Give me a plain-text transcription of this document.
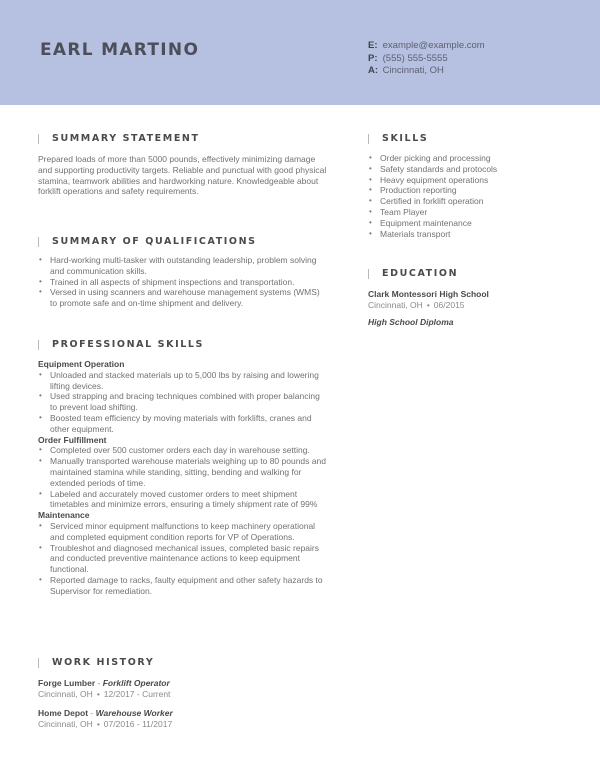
EARL MARTINO	E: example@example.com
P: (555) 555-5555
A: Cincinnati, OH
SUMMARY STATEMENT
Prepared loads of more than 5000 pounds, effectively minimizing damage and supporting productivity targets. Reliable and punctual with good physical stamina, teamwork abilities and hardworking nature. Knowledgeable about forklift operations and safety requirements.
SUMMARY OF QUALIFICATIONS
• Hard-working multi-tasker with outstanding leadership, problem solving and communication skills.
• Trained in all aspects of shipment inspections and transportation.
• Versed in using scanners and warehouse management systems (WMS) to promote safe and on-time shipment and delivery.
PROFESSIONAL SKILLS
Equipment Operation
• Unloaded and stacked materials up to 5,000 lbs by raising and lowering lifting devices.
• Used strapping and bracing techniques combined with proper balancing to prevent load shifting.
• Boosted team efficiency by moving materials with forklifts, cranes and other equipment.
Order Fulfillment
• Completed over 500 customer orders each day in warehouse setting.
• Manually transported warehouse materials weighing up to 80 pounds and maintained stamina while standing, sitting, bending and walking for extended periods of time.
• Labeled and accurately moved customer orders to meet shipment timetables and minimize errors, ensuring a timely shipment rate of 99%
Maintenance
• Serviced minor equipment malfunctions to keep machinery operational and completed equipment condition reports for VP of Operations.
• Troubleshot and diagnosed mechanical issues, completed basic repairs and conducted preventive maintenance actions to keep equipment functional.
• Reported damage to racks, faulty equipment and other safety hazards to Supervisor for remediation.
WORK HISTORY
Forge Lumber - Forklift Operator
Cincinnati, OH • 12/2017 - Current
Home Depot - Warehouse Worker
Cincinnati, OH • 07/2016 - 11/2017
SKILLS
• Order picking and processing
• Safety standards and protocols
• Heavy equipment operations
• Production reporting
• Certified in forklift operation
• Team Player
• Equipment maintenance
• Materials transport
EDUCATION
Clark Montessori High School
Cincinnati, OH • 06/2015
High School Diploma
